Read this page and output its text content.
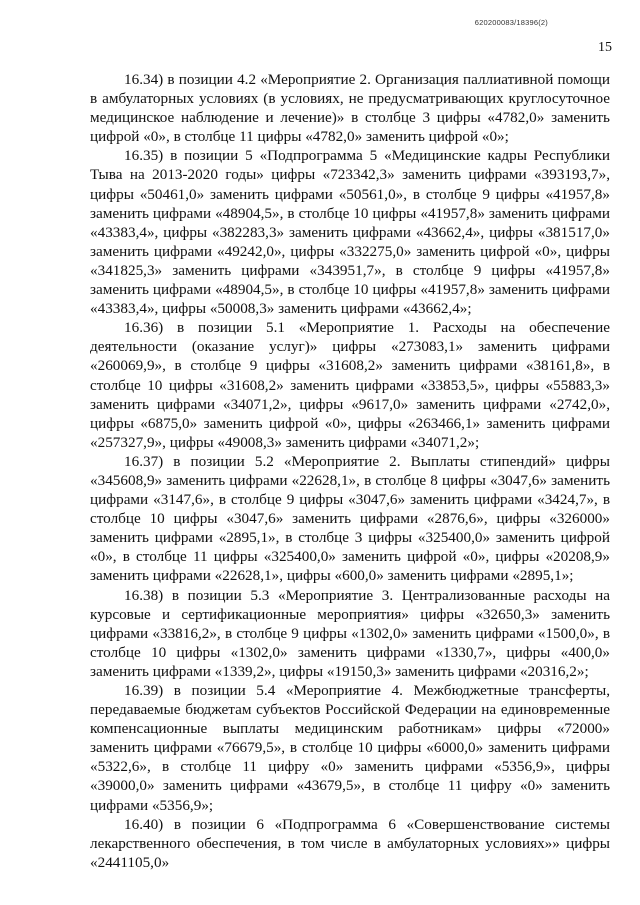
620200083/18396(2)
15

16.34) в позиции 4.2 «Мероприятие 2. Организация паллиативной помощи в амбулаторных условиях (в условиях, не предусматривающих круглосуточное медицинское наблюдение и лечение)» в столбце 3 цифры «4782,0» заменить цифрой «0», в столбце 11 цифры «4782,0» заменить цифрой «0»;

16.35) в позиции 5 «Подпрограмма 5 «Медицинские кадры Республики Тыва на 2013-2020 годы» цифры «723342,3» заменить цифрами «393193,7», цифры «50461,0» заменить цифрами «50561,0», в столбце 9 цифры «41957,8» заменить цифрами «48904,5», в столбце 10 цифры «41957,8» заменить цифрами «43383,4», цифры «382283,3» заменить цифрами «43662,4», цифры «381517,0» заменить цифрами «49242,0», цифры «332275,0» заменить цифрой «0», цифры «341825,3» заменить цифрами «343951,7», в столбце 9 цифры «41957,8» заменить цифрами «48904,5», в столбце 10 цифры «41957,8» заменить цифрами «43383,4», цифры «50008,3» заменить цифрами «43662,4»;

16.36) в позиции 5.1 «Мероприятие 1. Расходы на обеспечение деятельности (оказание услуг)» цифры «273083,1» заменить цифрами «260069,9», в столбце 9 цифры «31608,2» заменить цифрами «38161,8», в столбце 10 цифры «31608,2» заменить цифрами «33853,5», цифры «55883,3» заменить цифрами «34071,2», цифры «9617,0» заменить цифрами «2742,0», цифры «6875,0» заменить цифрой «0», цифры «263466,1» заменить цифрами «257327,9», цифры «49008,3» заменить цифрами «34071,2»;

16.37) в позиции 5.2 «Мероприятие 2. Выплаты стипендий» цифры «345608,9» заменить цифрами «22628,1», в столбце 8 цифры «3047,6» заменить цифрами «3147,6», в столбце 9 цифры «3047,6» заменить цифрами «3424,7», в столбце 10 цифры «3047,6» заменить цифрами «2876,6», цифры «326000» заменить цифрами «2895,1», в столбце 3 цифры «325400,0» заменить цифрой «0», в столбце 11 цифры «325400,0» заменить цифрой «0», цифры «20208,9» заменить цифрами «22628,1», цифры «600,0» заменить цифрами «2895,1»;

16.38) в позиции 5.3 «Мероприятие 3. Централизованные расходы на курсовые и сертификационные мероприятия» цифры «32650,3» заменить цифрами «33816,2», в столбце 9 цифры «1302,0» заменить цифрами «1500,0», в столбце 10 цифры «1302,0» заменить цифрами «1330,7», цифры «400,0» заменить цифрами «1339,2», цифры «19150,3» заменить цифрами «20316,2»;

16.39) в позиции 5.4 «Мероприятие 4. Межбюджетные трансферты, передаваемые бюджетам субъектов Российской Федерации на единовременные компенсационные выплаты медицинским работникам» цифры «72000» заменить цифрами «76679,5», в столбце 10 цифры «6000,0» заменить цифрами «5322,6», в столбце 11 цифру «0» заменить цифрами «5356,9», цифры «39000,0» заменить цифрами «43679,5», в столбце 11 цифру «0» заменить цифрами «5356,9»;

16.40) в позиции 6 «Подпрограмма 6 «Совершенствование системы лекарственного обеспечения, в том числе в амбулаторных условиях»» цифры «2441105,0»
